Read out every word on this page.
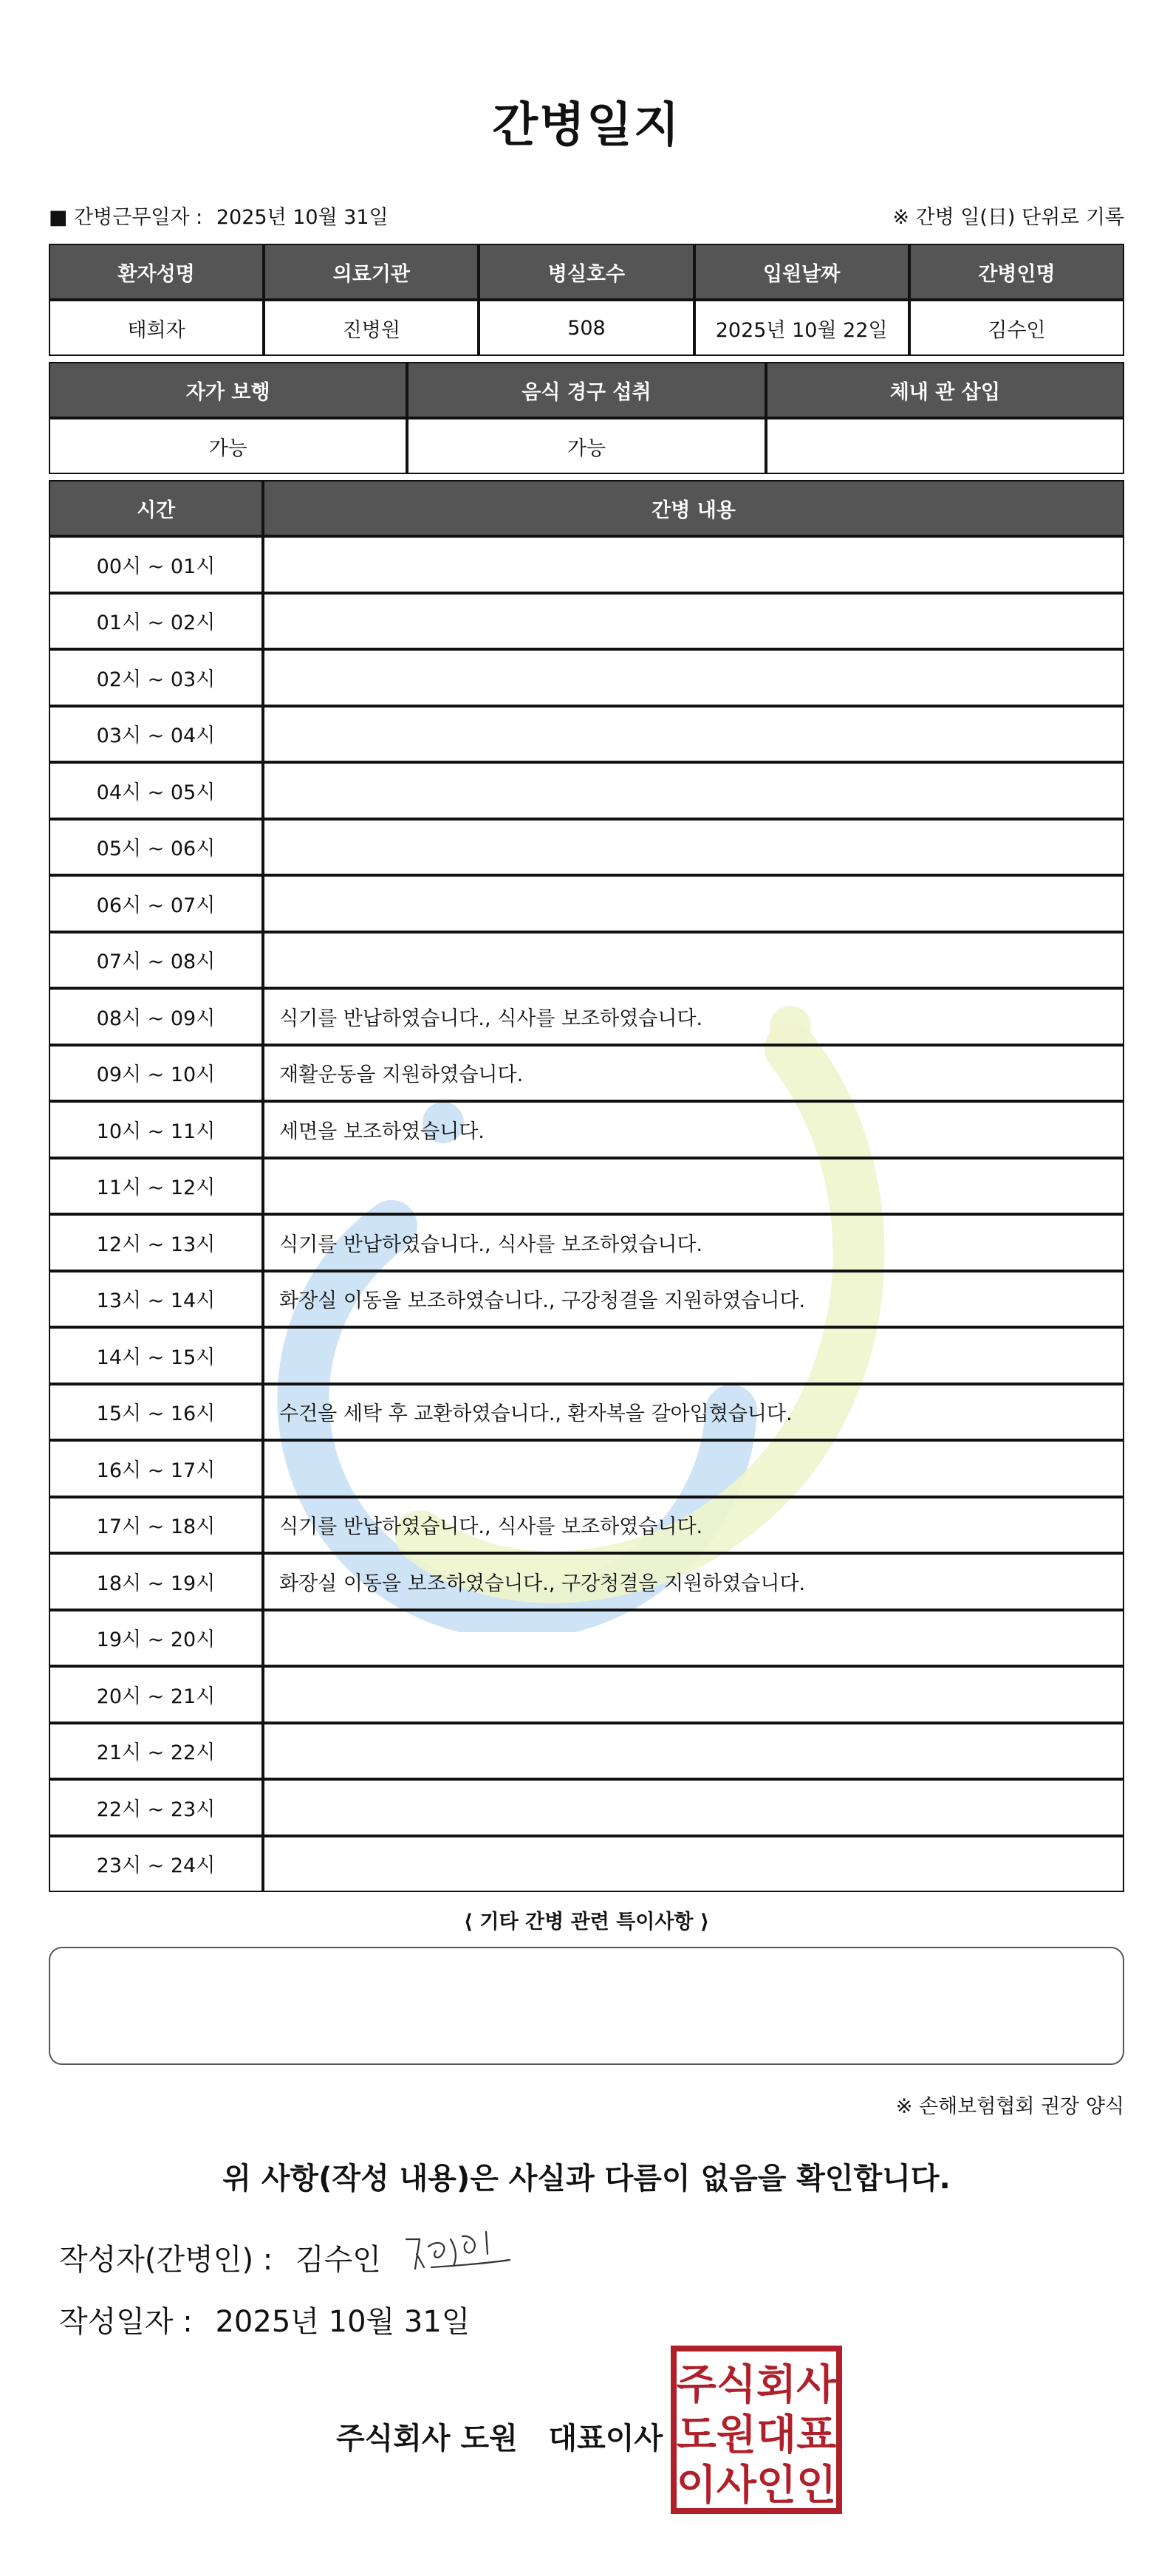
간병일지
■ 간병근무일자 : 2025년 10월 31일	※ 간병 일(日) 단위로 기록
환자성명	의료기관	병실호수	입원날짜	간병인명
태희자	진병원	508	2025년 10월 22일	김수인
자가 보행	음식 경구 섭취	체내 관 삽입
가능	가능	
시간	간병 내용
00시 ~ 01시	
01시 ~ 02시	
02시 ~ 03시	
03시 ~ 04시	
04시 ~ 05시	
05시 ~ 06시	
06시 ~ 07시	
07시 ~ 08시	
08시 ~ 09시	식기를 반납하였습니다., 식사를 보조하였습니다.
09시 ~ 10시	재활운동을 지원하였습니다.
10시 ~ 11시	세면을 보조하였습니다.
11시 ~ 12시	
12시 ~ 13시	식기를 반납하였습니다., 식사를 보조하였습니다.
13시 ~ 14시	화장실 이동을 보조하였습니다., 구강청결을 지원하였습니다.
14시 ~ 15시	
15시 ~ 16시	수건을 세탁 후 교환하였습니다., 환자복을 갈아입혔습니다.
16시 ~ 17시	
17시 ~ 18시	식기를 반납하였습니다., 식사를 보조하였습니다.
18시 ~ 19시	화장실 이동을 보조하였습니다., 구강청결을 지원하였습니다.
19시 ~ 20시	
20시 ~ 21시	
21시 ~ 22시	
22시 ~ 23시	
23시 ~ 24시	
⟨ 기타 간병 관련 특이사항 ⟩
※ 손해보험협회 권장 양식
위 사항(작성 내용)은 사실과 다름이 없음을 확인합니다.
작성자(간병인) : 김수인
작성일자 : 2025년 10월 31일
주식회사 도원   대표이사
주식회사
도원대표
이사인인
